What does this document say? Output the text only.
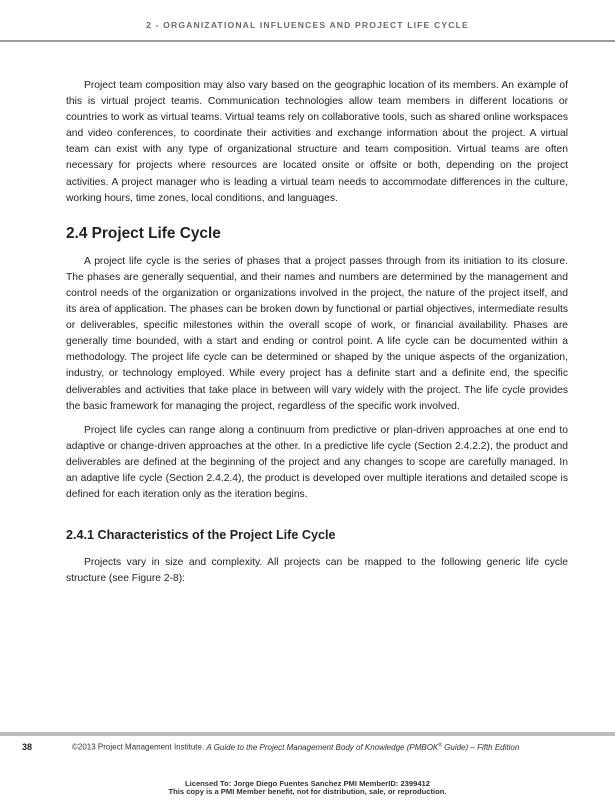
2 - ORGANIZATIONAL INFLUENCES AND PROJECT LIFE CYCLE

Project team composition may also vary based on the geographic location of its members. An example of this is virtual project teams. Communication technologies allow team members in different locations or countries to work as virtual teams. Virtual teams rely on collaborative tools, such as shared online workspaces and video conferences, to coordinate their activities and exchange information about the project. A virtual team can exist with any type of organizational structure and team composition. Virtual teams are often necessary for projects where resources are located onsite or offsite or both, depending on the project activities. A project manager who is leading a virtual team needs to accommodate differences in the culture, working hours, time zones, local conditions, and languages.

2.4 Project Life Cycle

A project life cycle is the series of phases that a project passes through from its initiation to its closure. The phases are generally sequential, and their names and numbers are determined by the management and control needs of the organization or organizations involved in the project, the nature of the project itself, and its area of application. The phases can be broken down by functional or partial objectives, intermediate results or deliverables, specific milestones within the overall scope of work, or financial availability. Phases are generally time bounded, with a start and ending or control point. A life cycle can be documented within a methodology. The project life cycle can be determined or shaped by the unique aspects of the organization, industry, or technology employed. While every project has a definite start and a definite end, the specific deliverables and activities that take place in between will vary widely with the project. The life cycle provides the basic framework for managing the project, regardless of the specific work involved.

Project life cycles can range along a continuum from predictive or plan-driven approaches at one end to adaptive or change-driven approaches at the other. In a predictive life cycle (Section 2.4.2.2), the product and deliverables are defined at the beginning of the project and any changes to scope are carefully managed. In an adaptive life cycle (Section 2.4.2.4), the product is developed over multiple iterations and detailed scope is defined for each iteration only as the iteration begins.

2.4.1 Characteristics of the Project Life Cycle

Projects vary in size and complexity. All projects can be mapped to the following generic life cycle structure (see Figure 2-8):

38	©2013 Project Management Institute. A Guide to the Project Management Body of Knowledge (PMBOK® Guide) – Fifth Edition
Licensed To: Jorge Diego Fuentes Sanchez PMI MemberID: 2399412
This copy is a PMI Member benefit, not for distribution, sale, or reproduction.
